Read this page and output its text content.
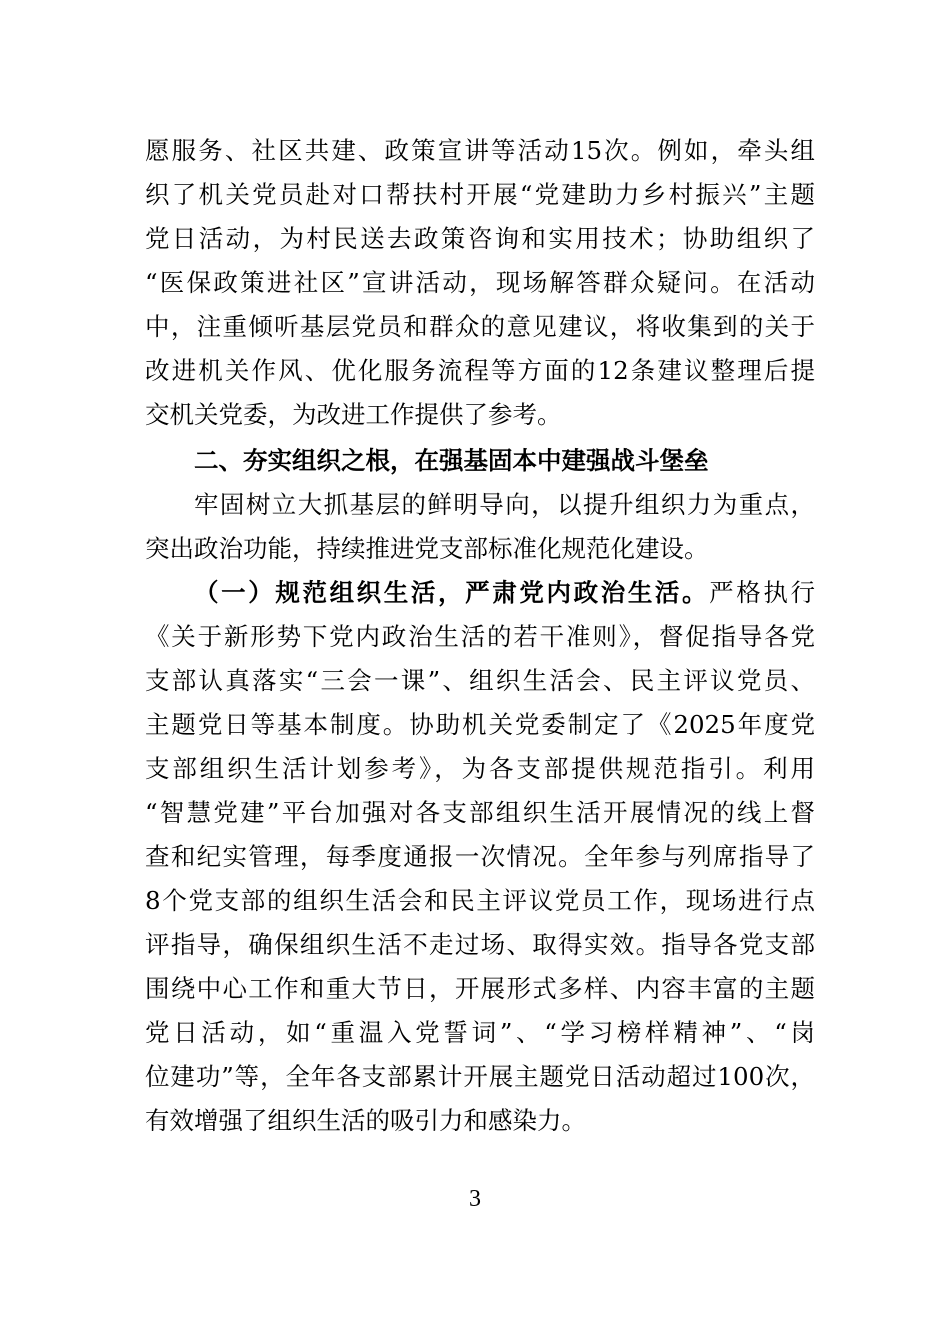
愿服务、社区共建、政策宣讲等活动15次。例如，牵头组
织了机关党员赴对口帮扶村开展“党建助力乡村振兴”主题
党日活动，为村民送去政策咨询和实用技术；协助组织了
“医保政策进社区”宣讲活动，现场解答群众疑问。在活动
中，注重倾听基层党员和群众的意见建议，将收集到的关于
改进机关作风、优化服务流程等方面的12条建议整理后提
交机关党委，为改进工作提供了参考。
二、夯实组织之根，在强基固本中建强战斗堡垒
牢固树立大抓基层的鲜明导向，以提升组织力为重点，
突出政治功能，持续推进党支部标准化规范化建设。
（一）规范组织生活，严肃党内政治生活。严格执行
《关于新形势下党内政治生活的若干准则》，督促指导各党
支部认真落实“三会一课”、组织生活会、民主评议党员、
主题党日等基本制度。协助机关党委制定了《2025年度党
支部组织生活计划参考》，为各支部提供规范指引。利用
“智慧党建”平台加强对各支部组织生活开展情况的线上督
查和纪实管理，每季度通报一次情况。全年参与列席指导了
8个党支部的组织生活会和民主评议党员工作，现场进行点
评指导，确保组织生活不走过场、取得实效。指导各党支部
围绕中心工作和重大节日，开展形式多样、内容丰富的主题
党日活动，如“重温入党誓词”、“学习榜样精神”、“岗
位建功”等，全年各支部累计开展主题党日活动超过100次，
有效增强了组织生活的吸引力和感染力。
3
